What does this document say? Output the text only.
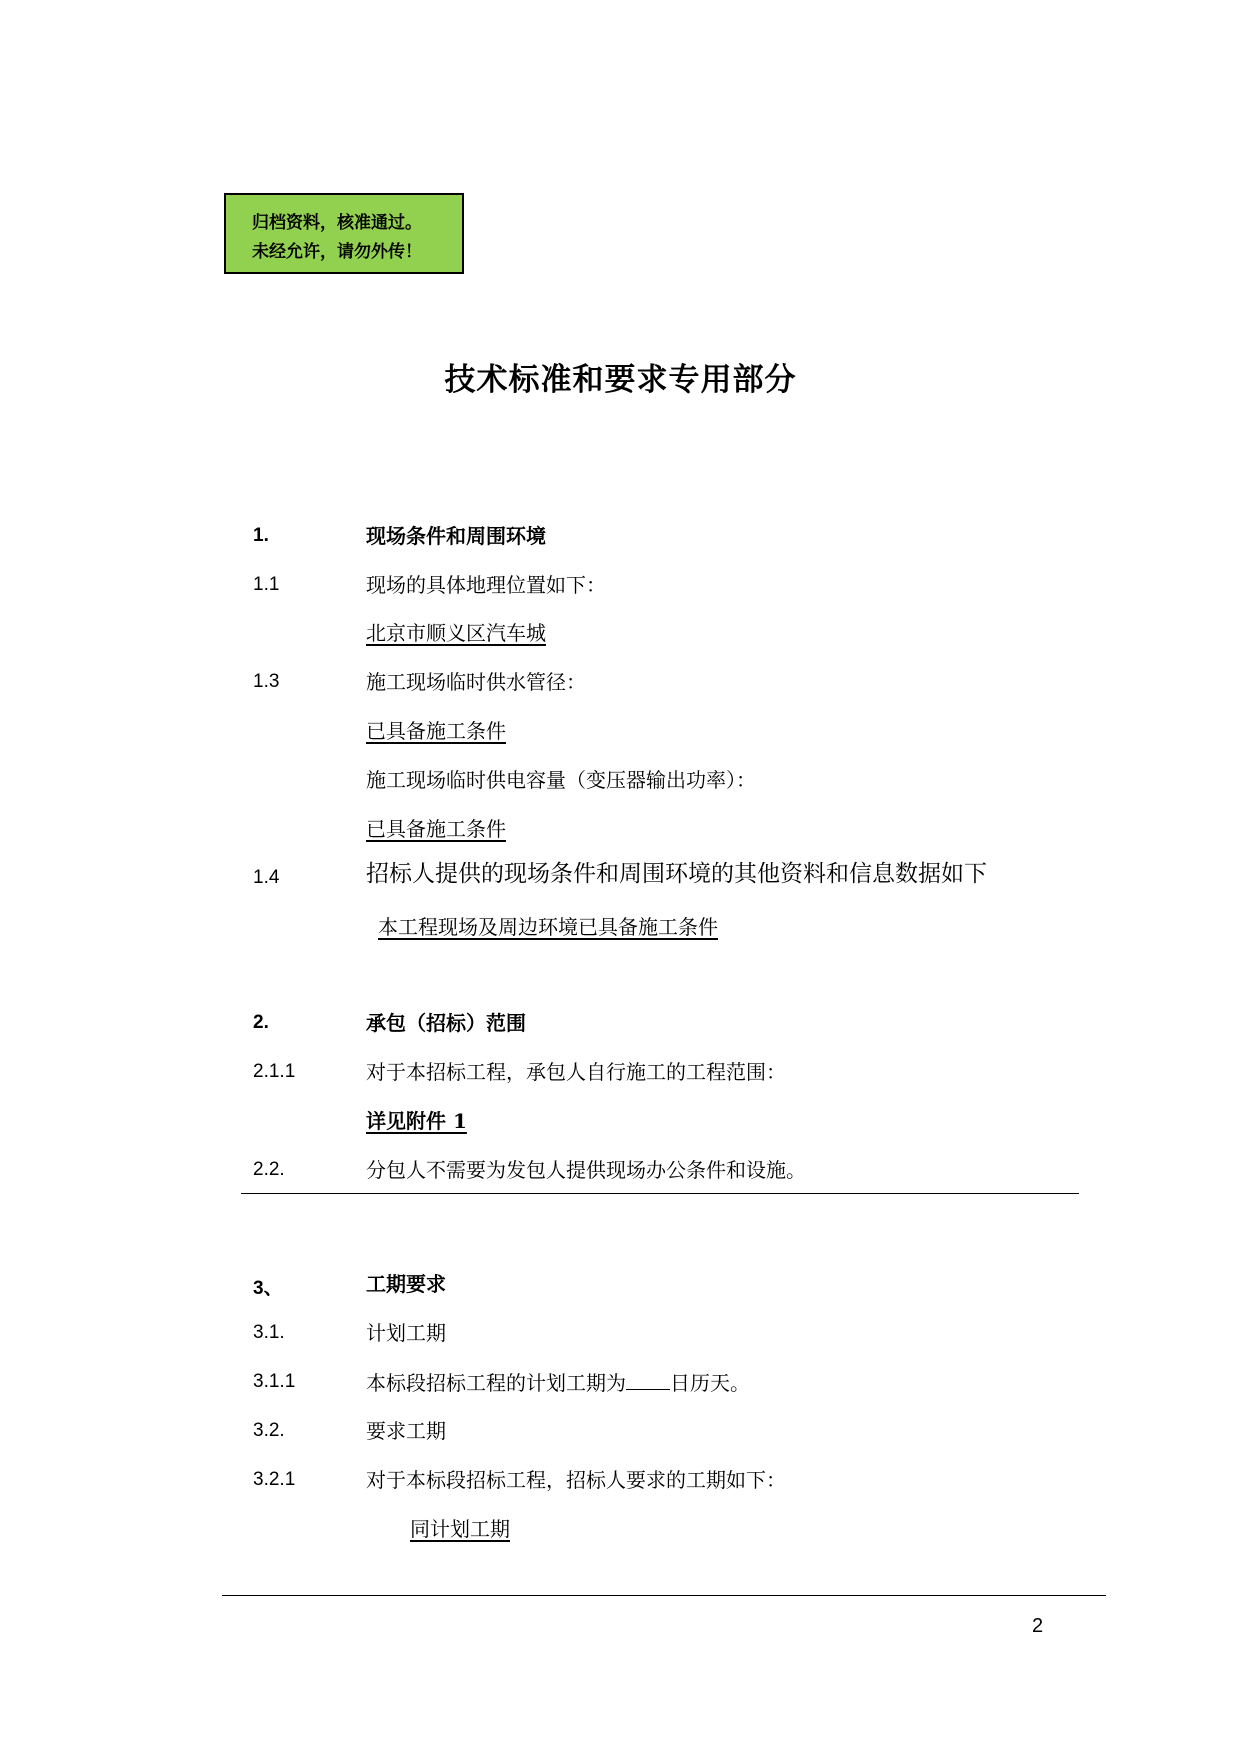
归档资料，核准通过。
未经允许，请勿外传！
技术标准和要求专用部分
1.	现场条件和周围环境
1.1	现场的具体地理位置如下：
北京市顺义区汽车城
1.3	施工现场临时供水管径：
已具备施工条件
施工现场临时供电容量（变压器输出功率）：
已具备施工条件
1.4	招标人提供的现场条件和周围环境的其他资料和信息数据如下
本工程现场及周边环境已具备施工条件
2.	承包（招标）范围
2.1.1	对于本招标工程，承包人自行施工的工程范围：
详见附件 1
2.2.	分包人不需要为发包人提供现场办公条件和设施。
3、	工期要求
3.1.	计划工期
3.1.1	本标段招标工程的计划工期为 日历天。
3.2.	要求工期
3.2.1	对于本标段招标工程，招标人要求的工期如下：
同计划工期
2
